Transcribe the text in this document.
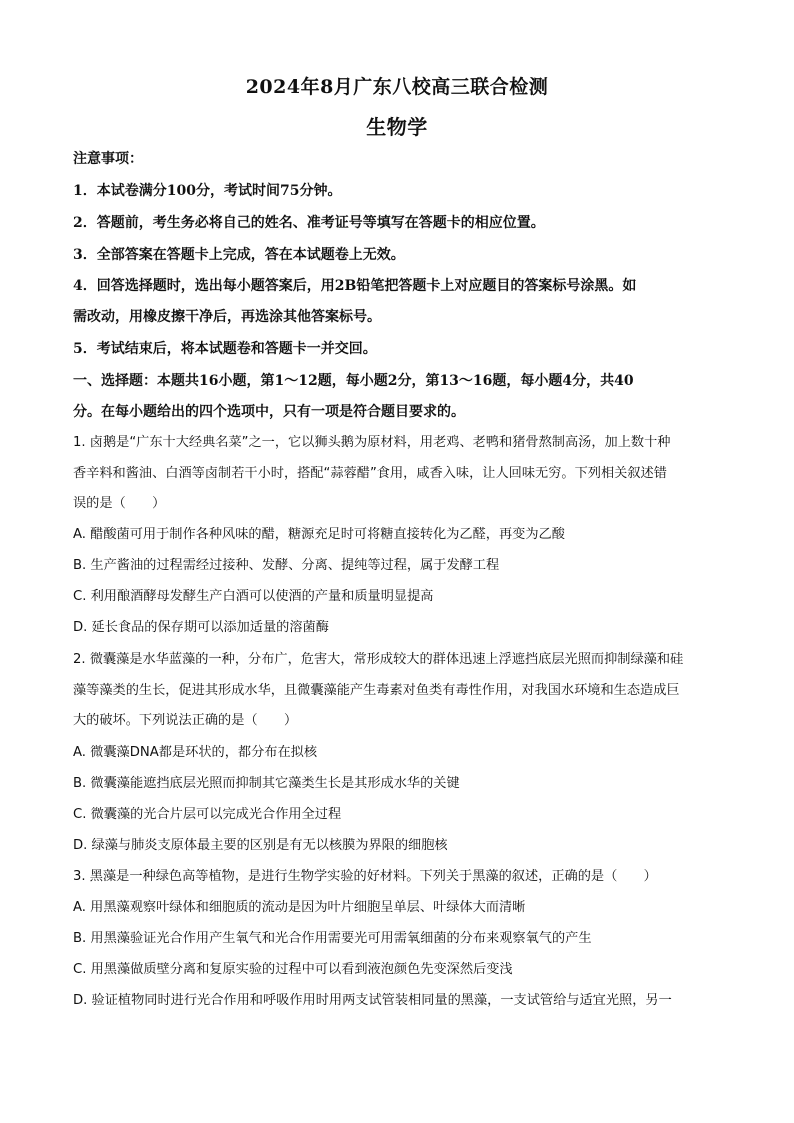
2024年8月广东八校高三联合检测
生物学
注意事项：
1．本试卷满分100分，考试时间75分钟。
2．答题前，考生务必将自己的姓名、准考证号等填写在答题卡的相应位置。
3．全部答案在答题卡上完成，答在本试题卷上无效。
4．回答选择题时，选出每小题答案后，用2B铅笔把答题卡上对应题目的答案标号涂黑。如
需改动，用橡皮擦干净后，再选涂其他答案标号。
5．考试结束后，将本试题卷和答题卡一并交回。
一、选择题：本题共16小题，第1～12题，每小题2分，第13～16题，每小题4分，共40
分。在每小题给出的四个选项中，只有一项是符合题目要求的。
1. 卤鹅是“广东十大经典名菜”之一，它以狮头鹅为原材料，用老鸡、老鸭和猪骨熬制高汤，加上数十种
香辛料和酱油、白酒等卤制若干小时，搭配“蒜蓉醋”食用，咸香入味，让人回味无穷。下列相关叙述错
误的是（　　）
A. 醋酸菌可用于制作各种风味的醋，糖源充足时可将糖直接转化为乙醛，再变为乙酸
B. 生产酱油的过程需经过接种、发酵、分离、提纯等过程，属于发酵工程
C. 利用酿酒酵母发酵生产白酒可以使酒的产量和质量明显提高
D. 延长食品的保存期可以添加适量的溶菌酶
2. 微囊藻是水华蓝藻的一种，分布广，危害大，常形成较大的群体迅速上浮遮挡底层光照而抑制绿藻和硅
藻等藻类的生长，促进其形成水华，且微囊藻能产生毒素对鱼类有毒性作用，对我国水环境和生态造成巨
大的破坏。下列说法正确的是（　　）
A. 微囊藻DNA都是环状的，都分布在拟核
B. 微囊藻能遮挡底层光照而抑制其它藻类生长是其形成水华的关键
C. 微囊藻的光合片层可以完成光合作用全过程
D. 绿藻与肺炎支原体最主要的区别是有无以核膜为界限的细胞核
3. 黑藻是一种绿色高等植物，是进行生物学实验的好材料。下列关于黑藻的叙述，正确的是（　　）
A. 用黑藻观察叶绿体和细胞质的流动是因为叶片细胞呈单层、叶绿体大而清晰
B. 用黑藻验证光合作用产生氧气和光合作用需要光可用需氧细菌的分布来观察氧气的产生
C. 用黑藻做质壁分离和复原实验的过程中可以看到液泡颜色先变深然后变浅
D. 验证植物同时进行光合作用和呼吸作用时用两支试管装相同量的黑藻，一支试管给与适宜光照，另一
